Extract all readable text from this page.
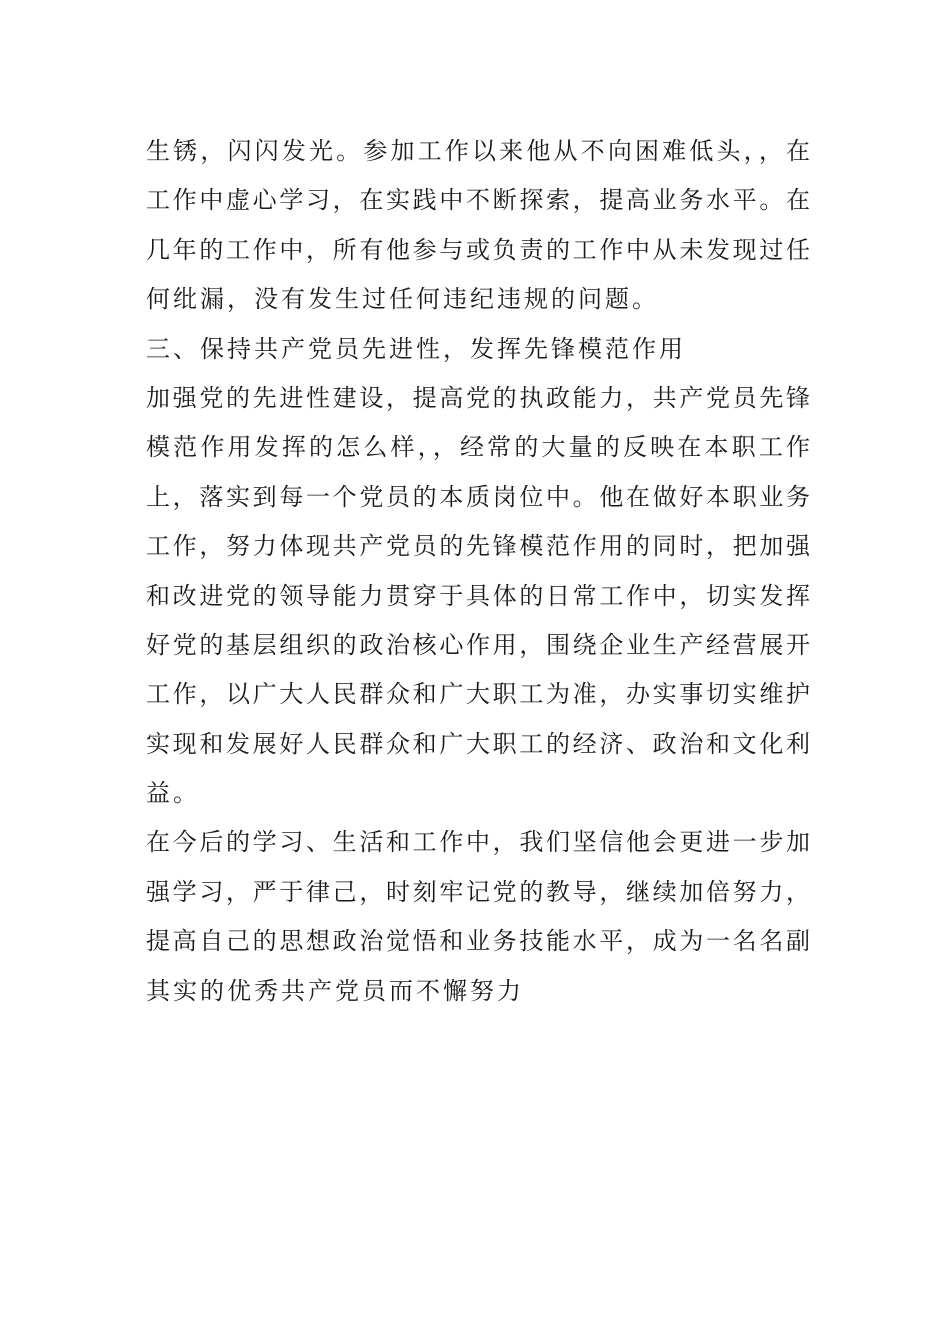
生锈，闪闪发光。参加工作以来他从不向困难低头，，在
工作中虚心学习，在实践中不断探索，提高业务水平。在
几年的工作中，所有他参与或负责的工作中从未发现过任
何纰漏，没有发生过任何违纪违规的问题。
三、保持共产党员先进性，发挥先锋模范作用
加强党的先进性建设，提高党的执政能力，共产党员先锋
模范作用发挥的怎么样，，经常的大量的反映在本职工作
上，落实到每一个党员的本质岗位中。他在做好本职业务
工作，努力体现共产党员的先锋模范作用的同时，把加强
和改进党的领导能力贯穿于具体的日常工作中，切实发挥
好党的基层组织的政治核心作用，围绕企业生产经营展开
工作，以广大人民群众和广大职工为准，办实事切实维护
实现和发展好人民群众和广大职工的经济、政治和文化利
益。
在今后的学习、生活和工作中，我们坚信他会更进一步加
强学习，严于律己，时刻牢记党的教导，继续加倍努力，
提高自己的思想政治觉悟和业务技能水平，成为一名名副
其实的优秀共产党员而不懈努力
